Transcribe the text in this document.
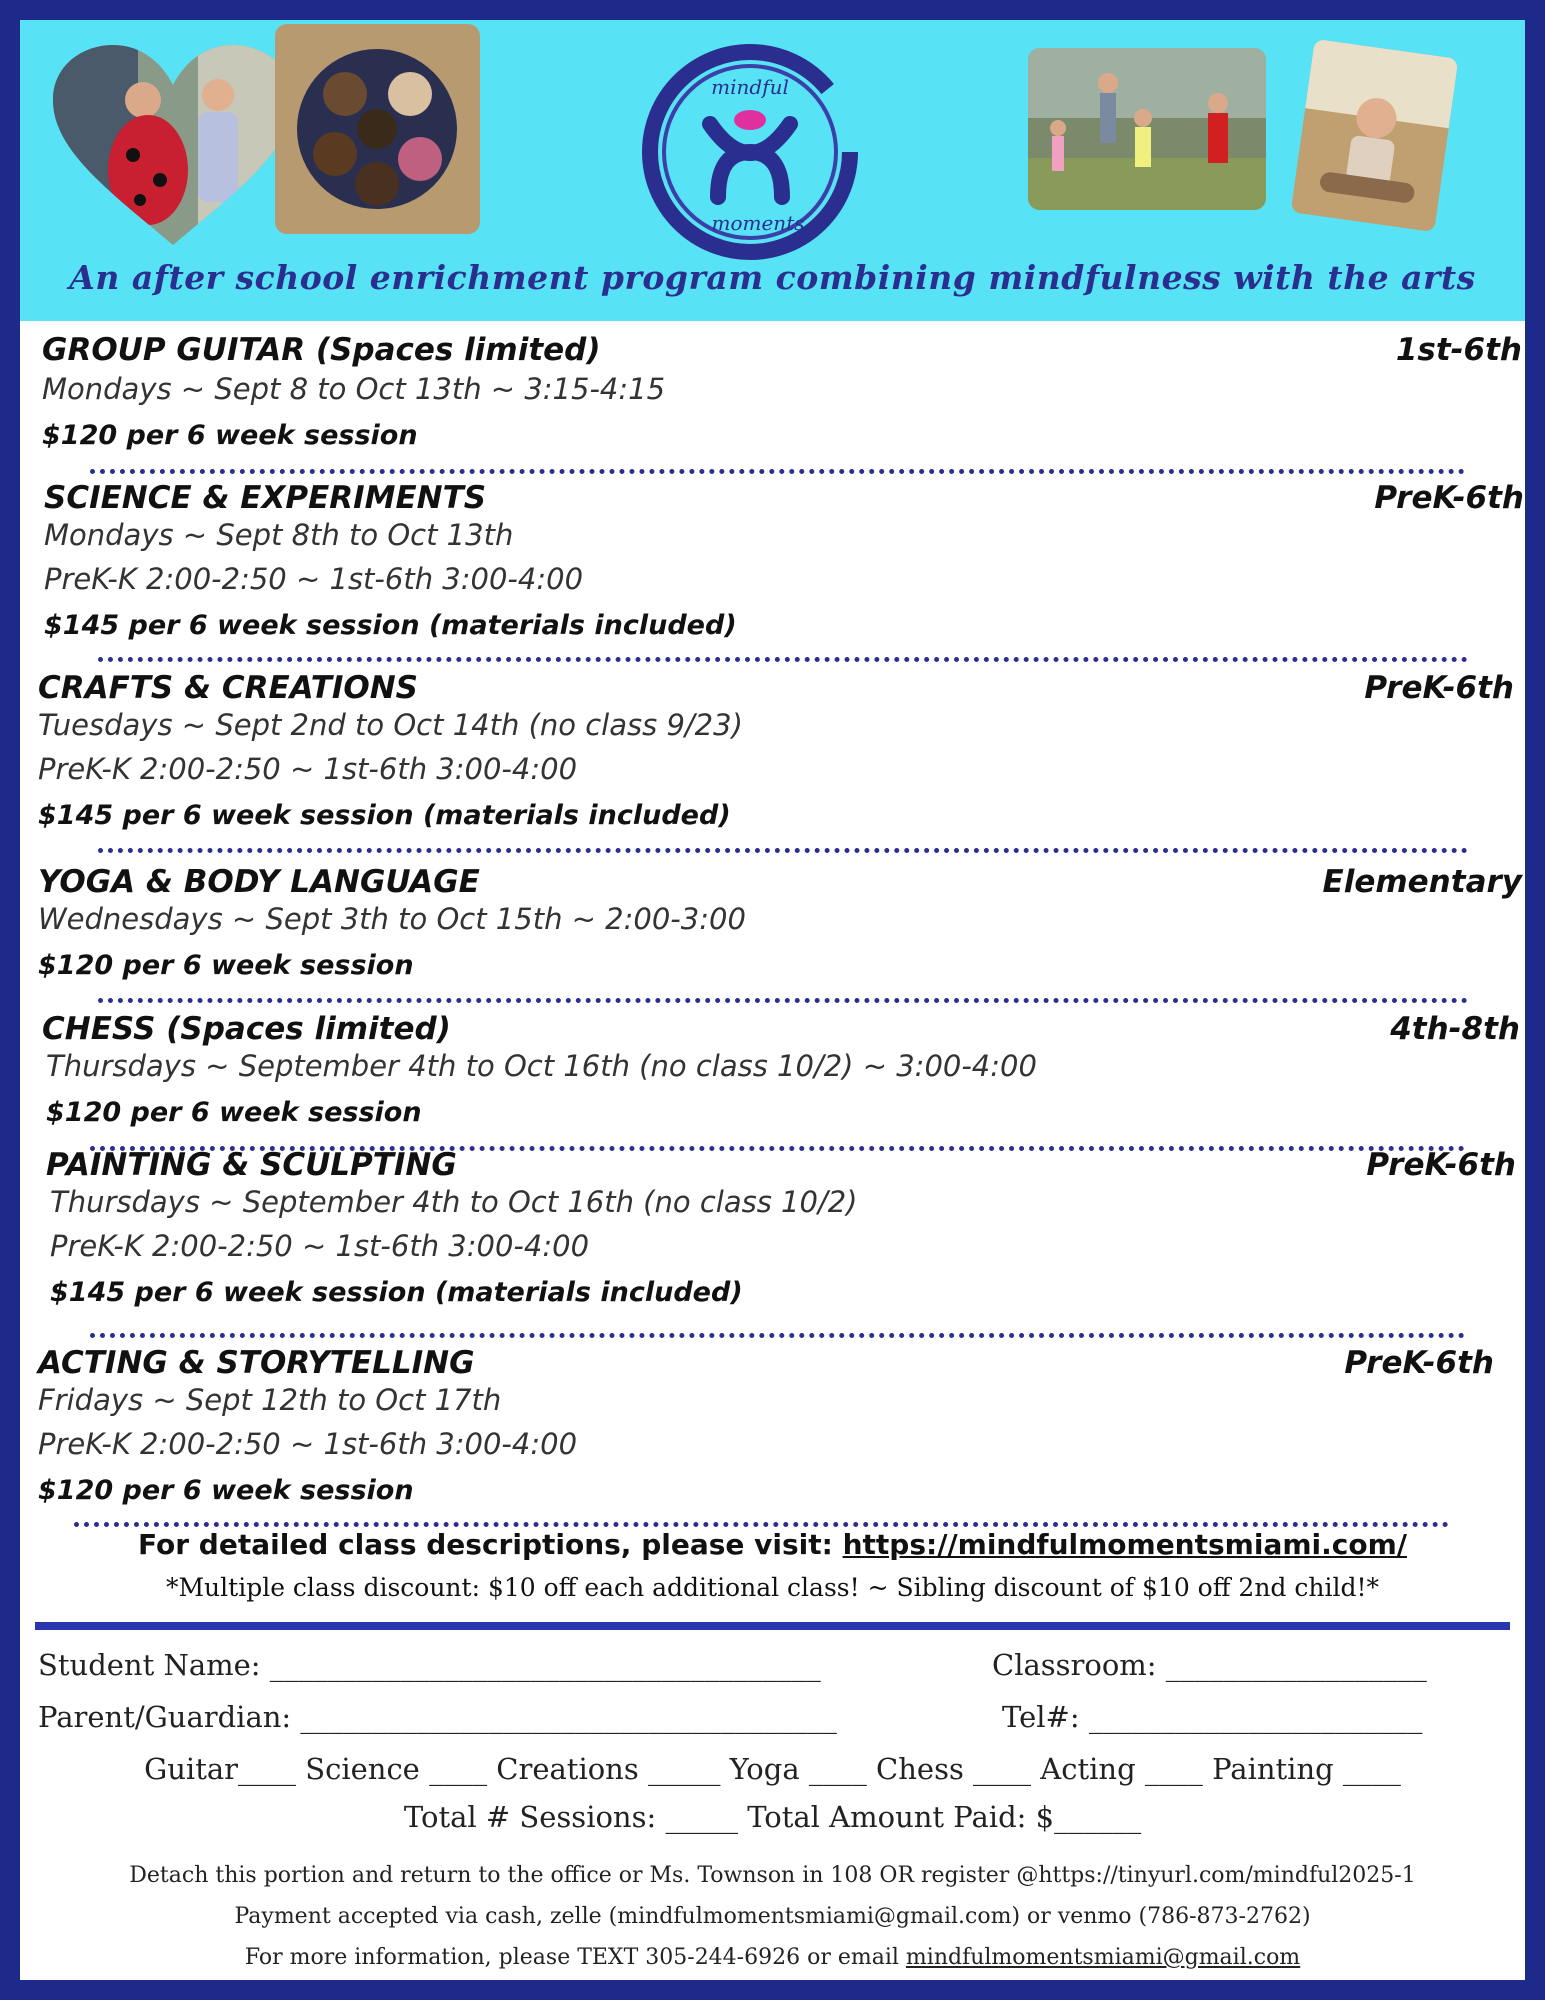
mindful
moments
An after school enrichment program combining mindfulness with the arts
GROUP GUITAR (Spaces limited)	1st-6th
Mondays ~ Sept 8 to Oct 13th ~ 3:15-4:15
$120 per 6 week session
SCIENCE & EXPERIMENTS	PreK-6th
Mondays ~ Sept 8th to Oct 13th
PreK-K 2:00-2:50 ~ 1st-6th 3:00-4:00
$145 per 6 week session (materials included)
CRAFTS & CREATIONS	PreK-6th
Tuesdays ~ Sept 2nd to Oct 14th (no class 9/23)
PreK-K 2:00-2:50 ~ 1st-6th 3:00-4:00
$145 per 6 week session (materials included)
YOGA & BODY LANGUAGE	Elementary
Wednesdays ~ Sept 3th to Oct 15th ~ 2:00-3:00
$120 per 6 week session
CHESS (Spaces limited)	4th-8th
Thursdays ~ September 4th to Oct 16th (no class 10/2) ~ 3:00-4:00
$120 per 6 week session
PAINTING & SCULPTING	PreK-6th
Thursdays ~ September 4th to Oct 16th (no class 10/2)
PreK-K 2:00-2:50 ~ 1st-6th 3:00-4:00
$145 per 6 week session (materials included)
ACTING & STORYTELLING	PreK-6th
Fridays ~ Sept 12th to Oct 17th
PreK-K 2:00-2:50 ~ 1st-6th 3:00-4:00
$120 per 6 week session
For detailed class descriptions, please visit: https://mindfulmomentsmiami.com/
*Multiple class discount: $10 off each additional class! ~ Sibling discount of $10 off 2nd child!*
Student Name: ______________________________________	Classroom: __________________
Parent/Guardian: _____________________________________	Tel#: _______________________
Guitar____ Science ____ Creations _____ Yoga ____ Chess ____ Acting ____ Painting ____
Total # Sessions: _____ Total Amount Paid: $______
Detach this portion and return to the office or Ms. Townson in 108 OR register @https://tinyurl.com/mindful2025-1
Payment accepted via cash, zelle (mindfulmomentsmiami@gmail.com) or venmo (786-873-2762)
For more information, please TEXT 305-244-6926 or email mindfulmomentsmiami@gmail.com
